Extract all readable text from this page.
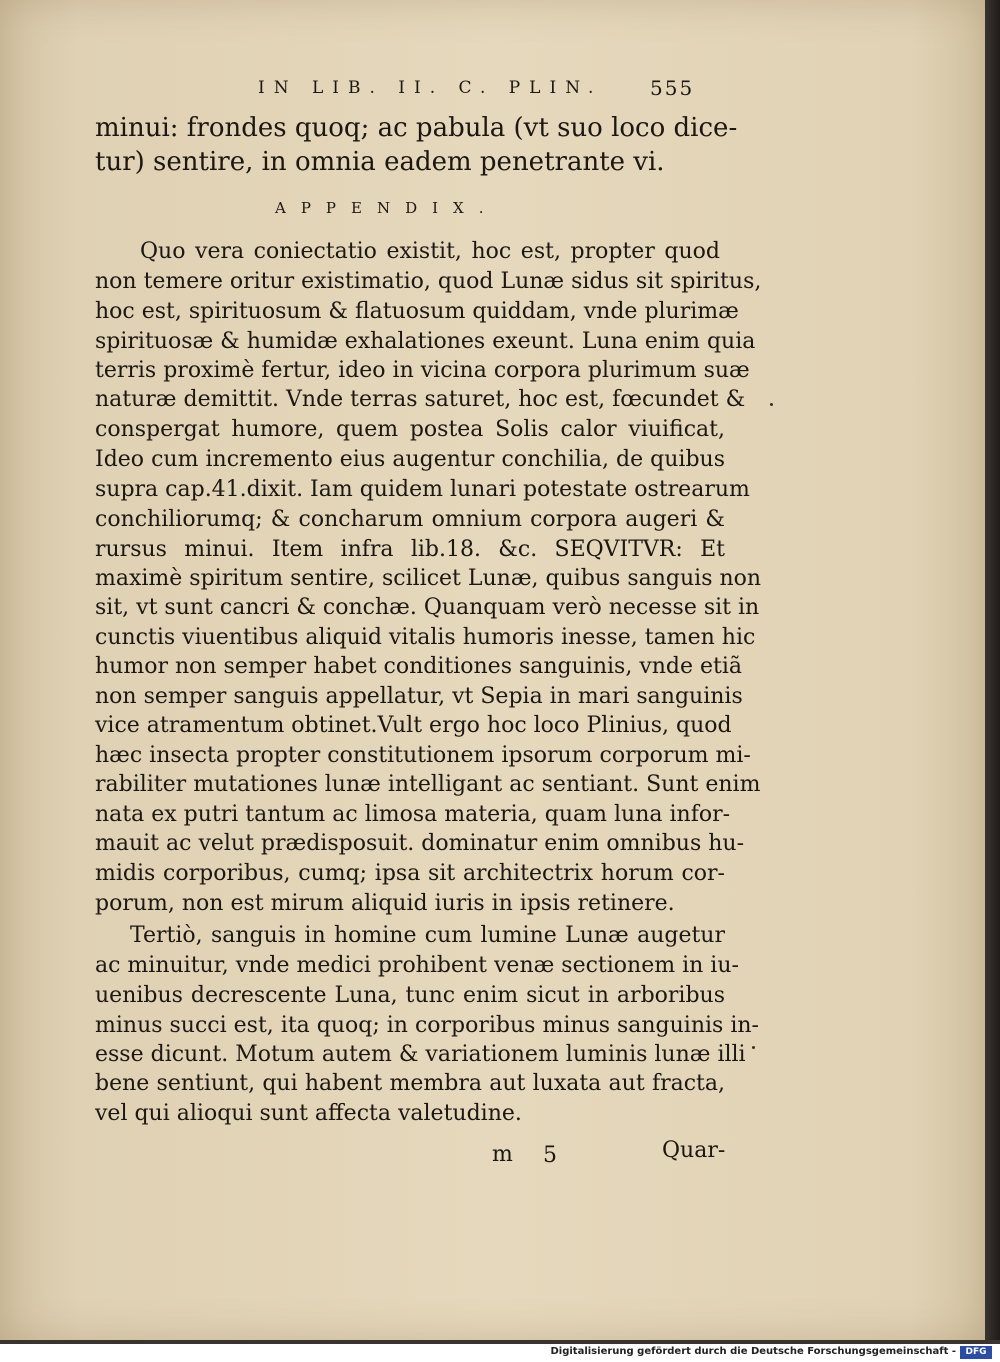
IN LIB. II. C. PLIN. 555
minui: frondes quoq; ac pabula (vt suo loco dice-
tur) sentire, in omnia eadem penetrante vi.
APPENDIX.
Quo vera coniectatio existit, hoc est, propter quod
non temere oritur existimatio, quod Lunæ sidus sit spiritus,
hoc est, spirituosum & flatuosum quiddam, vnde plurimæ
spirituosæ & humidæ exhalationes exeunt. Luna enim quia
terris proximè fertur, ideo in vicina corpora plurimum suæ
naturæ demittit. Vnde terras saturet, hoc est, fœcundet &
conspergat humore, quem postea Solis calor viuificat,
Ideo cum incremento eius augentur conchilia, de quibus
supra cap.41.dixit. Iam quidem lunari potestate ostrearum
conchiliorumq; & concharum omnium corpora augeri &
rursus minui. Item infra lib.18. &c. SEQVITVR: Et
maximè spiritum sentire, scilicet Lunæ, quibus sanguis non
sit, vt sunt cancri & conchæ. Quanquam verò necesse sit in
cunctis viuentibus aliquid vitalis humoris inesse, tamen hic
humor non semper habet conditiones sanguinis, vnde etiã
non semper sanguis appellatur, vt Sepia in mari sanguinis
vice atramentum obtinet.Vult ergo hoc loco Plinius, quod
hæc insecta propter constitutionem ipsorum corporum mi-
rabiliter mutationes lunæ intelligant ac sentiant. Sunt enim
nata ex putri tantum ac limosa materia, quam luna infor-
mauit ac velut prædisposuit. dominatur enim omnibus hu-
midis corporibus, cumq; ipsa sit architectrix horum cor-
porum, non est mirum aliquid iuris in ipsis retinere.
Tertiò, sanguis in homine cum lumine Lunæ augetur
ac minuitur, vnde medici prohibent venæ sectionem in iu-
uenibus decrescente Luna, tunc enim sicut in arboribus
minus succi est, ita quoq; in corporibus minus sanguinis in-
esse dicunt. Motum autem & variationem luminis lunæ illi
bene sentiunt, qui habent membra aut luxata aut fracta,
vel qui alioqui sunt affecta valetudine.
m 5	Quar-
Digitalisierung gefördert durch die Deutsche Forschungsgemeinschaft -	DFG
